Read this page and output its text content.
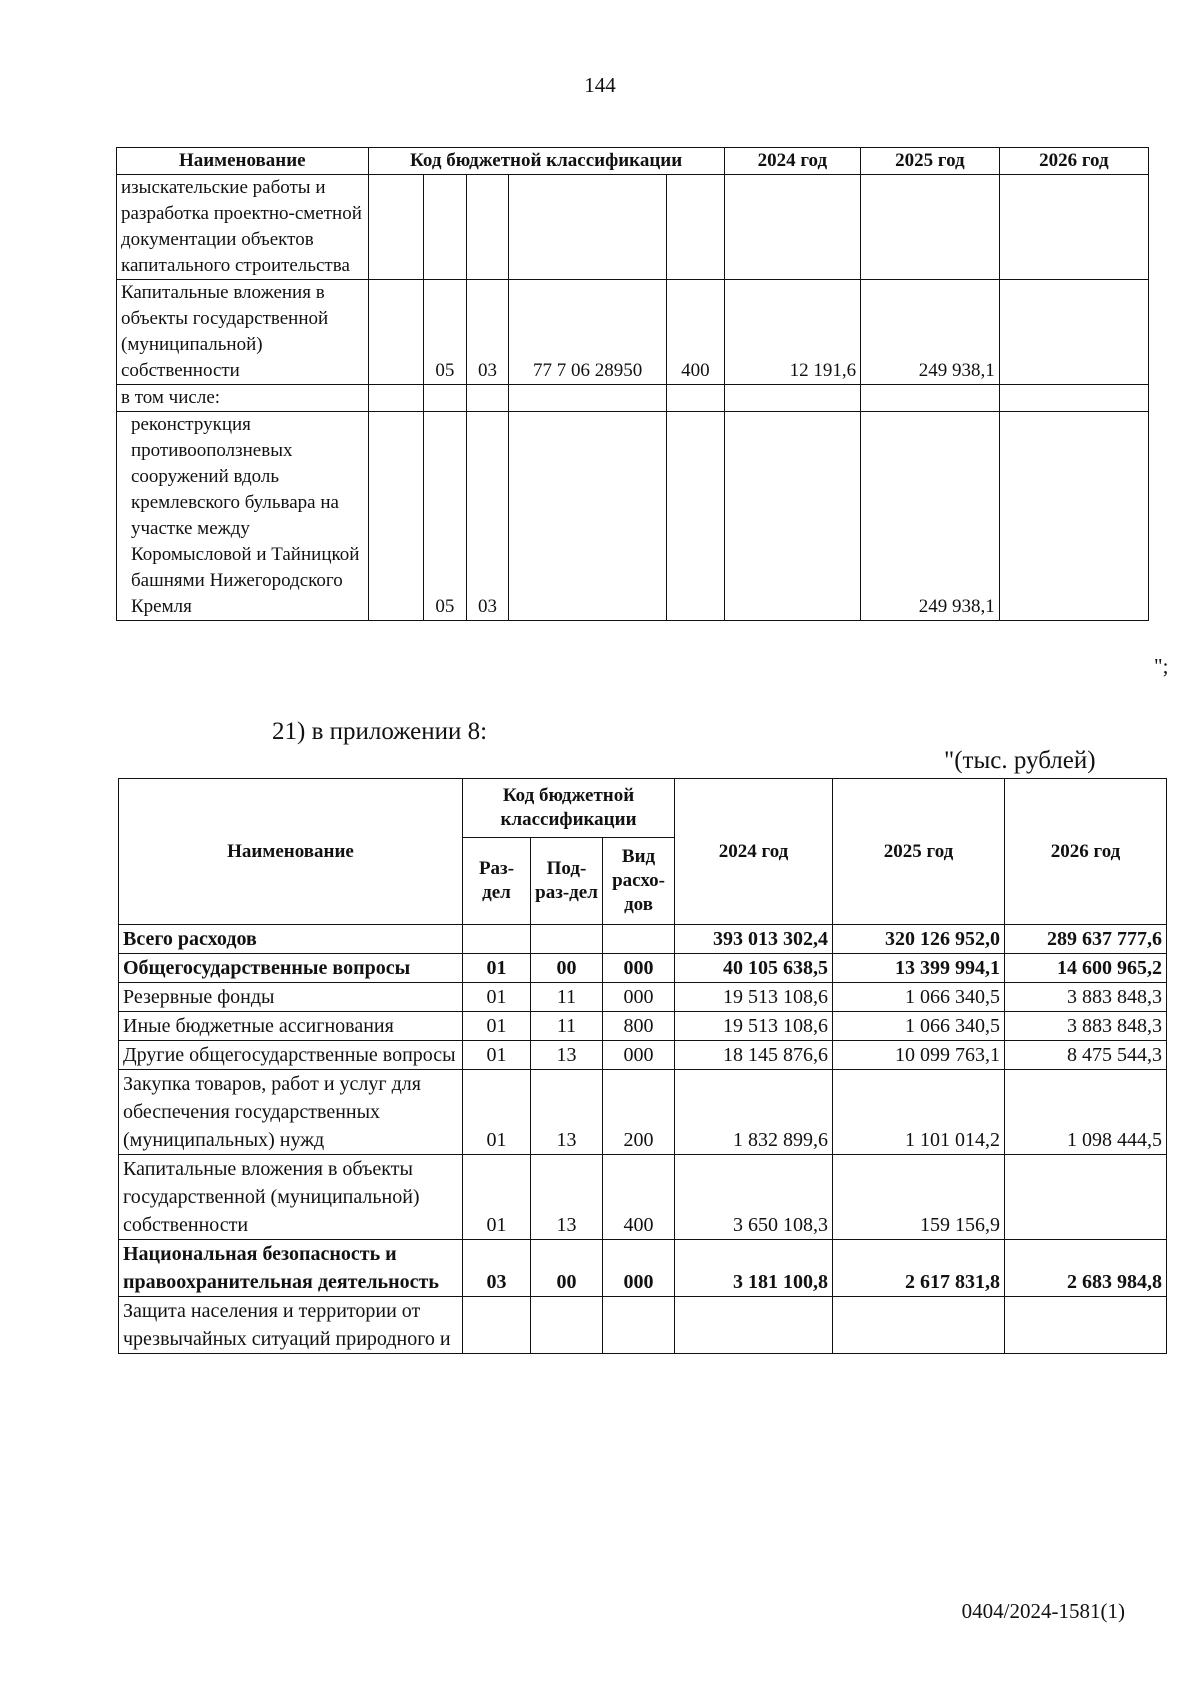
144
Наименование	Код бюджетной классификации					2024 год	2025 год	2026 год
изыскательские работы и разработка проектно-сметной документации объектов капитального строительства								
Капитальные вложения в объекты государственной (муниципальной) собственности		05	03	77 7 06 28950	400	12 191,6	249 938,1	
в том числе:								
реконструкция противооползневых сооружений вдоль кремлевского бульвара на участке между Коромысловой и Тайницкой башнями Нижегородского Кремля		05	03				249 938,1	
";
21) в приложении 8:
"(тыс. рублей)
Наименование	Код бюджетной классификации			2024 год	2025 год	2026 год
	Раз-дел	Под-раз-дел	Вид расхо-дов			
Всего расходов				393 013 302,4	320 126 952,0	289 637 777,6
Общегосударственные вопросы	01	00	000	40 105 638,5	13 399 994,1	14 600 965,2
Резервные фонды	01	11	000	19 513 108,6	1 066 340,5	3 883 848,3
Иные бюджетные ассигнования	01	11	800	19 513 108,6	1 066 340,5	3 883 848,3
Другие общегосударственные вопросы	01	13	000	18 145 876,6	10 099 763,1	8 475 544,3
Закупка товаров, работ и услуг для обеспечения государственных (муниципальных) нужд	01	13	200	1 832 899,6	1 101 014,2	1 098 444,5
Капитальные вложения в объекты государственной (муниципальной) собственности	01	13	400	3 650 108,3	159 156,9	
Национальная безопасность и правоохранительная деятельность	03	00	000	3 181 100,8	2 617 831,8	2 683 984,8
Защита населения и территории от чрезвычайных ситуаций природного и						
0404/2024-1581(1)
